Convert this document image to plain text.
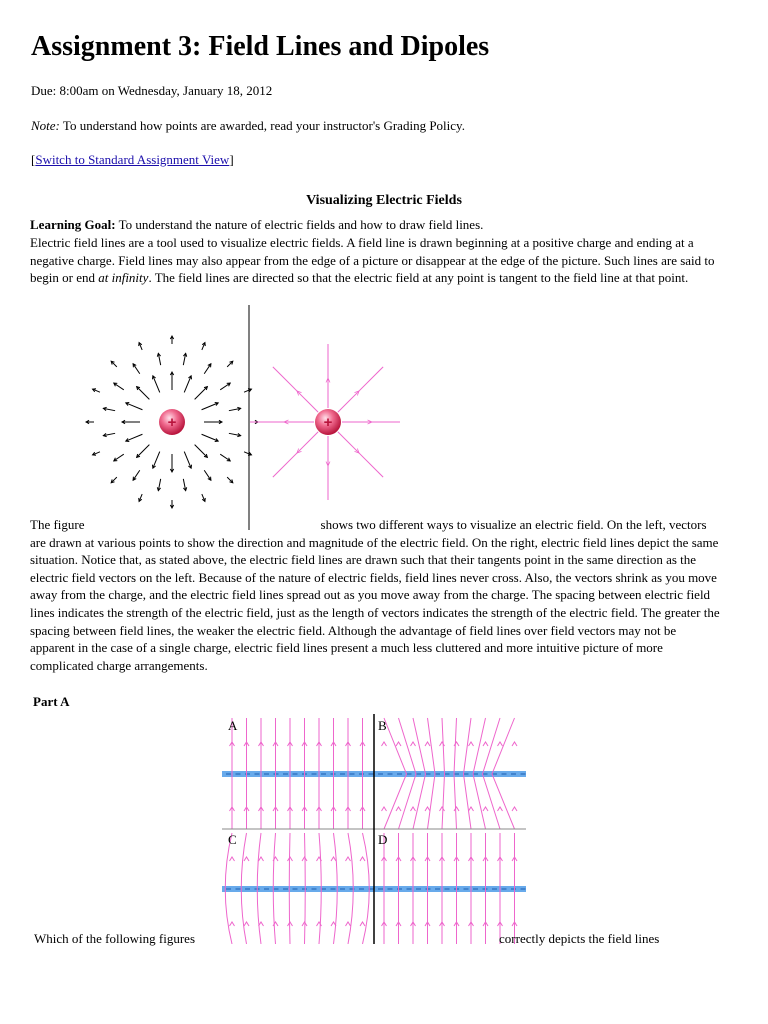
Assignment 3: Field Lines and Dipoles
Due: 8:00am on Wednesday, January 18, 2012
Note: To understand how points are awarded, read your instructor's Grading Policy.
[Switch to Standard Assignment View]
Visualizing Electric Fields
Learning Goal: To understand the nature of electric fields and how to draw field lines.
Electric field lines are a tool used to visualize electric fields. A field line is drawn beginning at a positive charge and ending at a negative charge. Field lines may also appear from the edge of a picture or disappear at the edge of the picture. Such lines are said to begin or end at infinity. The field lines are directed so that the electric field at any point is tangent to the field line at that point.
+	+
The figure	shows two different ways to visualize an electric field. On the left, vectors are drawn at various points to show the direction and magnitude of the electric field. On the right, electric field lines depict the same situation. Notice that, as stated above, the electric field lines are drawn such that their tangents point in the same direction as the electric field vectors on the left. Because of the nature of electric fields, field lines never cross. Also, the vectors shrink as you move away from the charge, and the electric field lines spread out as you move away from the charge. The spacing between electric field lines indicates the strength of the electric field, just as the length of vectors indicates the strength of the electric field. The greater the spacing between field lines, the weaker the electric field. Although the advantage of field lines over field vectors may not be apparent in the case of a single charge, electric field lines present a much less cluttered and more intuitive picture of more complicated charge arrangements.
Part A
A	B
C	D
Which of the following figures	correctly depicts the field lines
